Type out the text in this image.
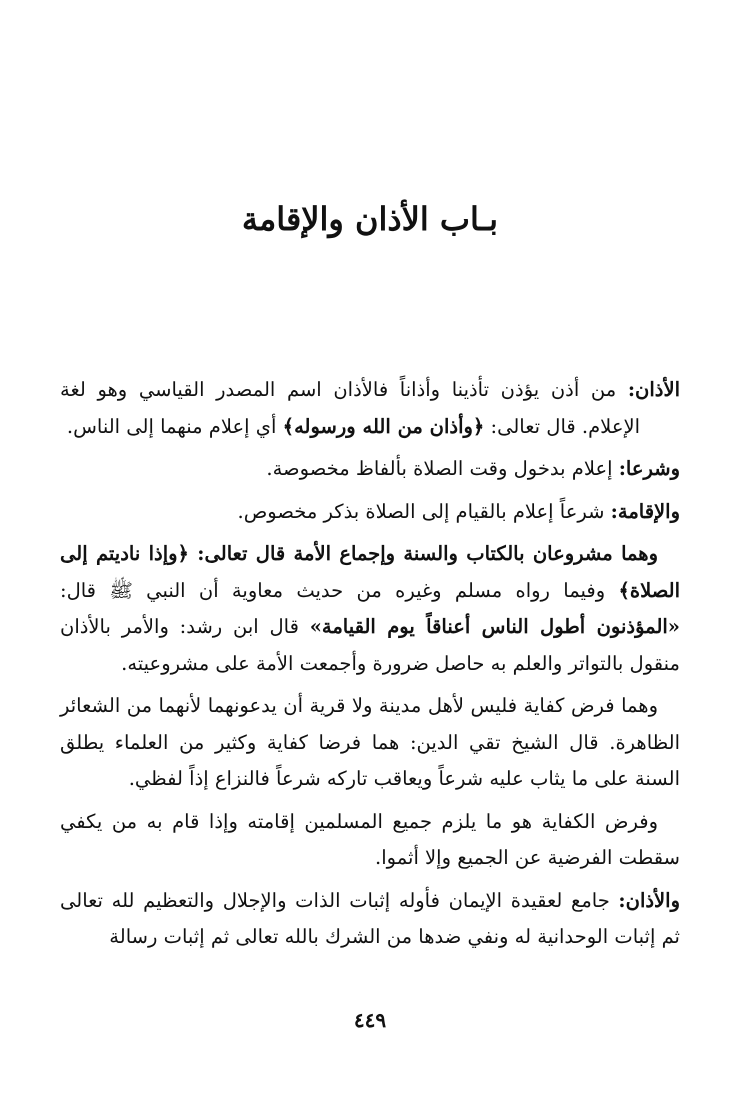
بـاب الأذان والإقامة

الأذان: من أذن يؤذن تأذينا وأذاناً فالأذان اسم المصدر القياسي وهو لغة الإعلام. قال تعالى: ﴿وأذان من الله ورسوله﴾ أي إعلام منهما إلى الناس.

وشرعا: إعلام بدخول وقت الصلاة بألفاظ مخصوصة.

والإقامة: شرعاً إعلام بالقيام إلى الصلاة بذكر مخصوص.

وهما مشروعان بالكتاب والسنة وإجماع الأمة قال تعالى: ﴿وإذا ناديتم إلى الصلاة﴾ وفيما رواه مسلم وغيره من حديث معاوية أن النبي ﷺ قال: «المؤذنون أطول الناس أعناقاً يوم القيامة» قال ابن رشد: والأمر بالأذان منقول بالتواتر والعلم به حاصل ضرورة وأجمعت الأمة على مشروعيته.

وهما فرض كفاية فليس لأهل مدينة ولا قرية أن يدعونهما لأنهما من الشعائر الظاهرة. قال الشيخ تقي الدين: هما فرضا كفاية وكثير من العلماء يطلق السنة على ما يثاب عليه شرعاً ويعاقب تاركه شرعاً فالنزاع إذاً لفظي.

وفرض الكفاية هو ما يلزم جميع المسلمين إقامته وإذا قام به من يكفي سقطت الفرضية عن الجميع وإلا أثموا.

والأذان: جامع لعقيدة الإيمان فأوله إثبات الذات والإجلال والتعظيم لله تعالى ثم إثبات الوحدانية له ونفي ضدها من الشرك بالله تعالى ثم إثبات رسالة

٤٤٩
